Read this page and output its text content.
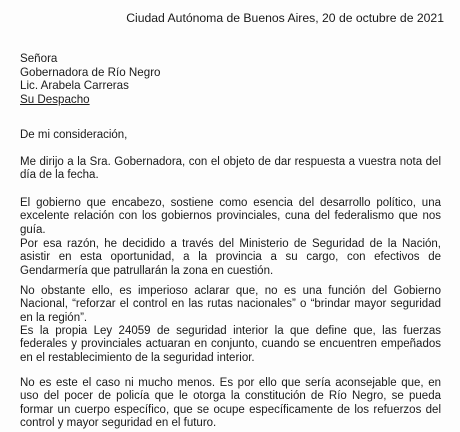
Ciudad Autónoma de Buenos Aires, 20 de octubre de 2021
Señora
Gobernadora de Río Negro
Lic. Arabela Carreras
Su Despacho

De mi consideración,

Me dirijo a la Sra. Gobernadora, con el objeto de dar respuesta a vuestra nota del día de la fecha.

El gobierno que encabezo, sostiene como esencia del desarrollo político, una excelente relación con los gobiernos provinciales, cuna del federalismo que nos guía.

Por esa razón, he decidido a través del Ministerio de Seguridad de la Nación, asistir en esta oportunidad, a la provincia a su cargo, con efectivos de Gendarmería que patrullarán la zona en cuestión.

No obstante ello, es imperioso aclarar que, no es una función del Gobierno Nacional, “reforzar el control en las rutas nacionales” o “brindar mayor seguridad en la región”.

Es la propia Ley 24059 de seguridad interior la que define que, las fuerzas federales y provinciales actuaran en conjunto, cuando se encuentren empeñados en el restablecimiento de la seguridad interior.

No es este el caso ni mucho menos. Es por ello que sería aconsejable que, en uso del pocer de policía que le otorga la constitución de Río Negro, se pueda formar un cuerpo específico, que se ocupe específicamente de los refuerzos del control y mayor seguridad en el futuro.
